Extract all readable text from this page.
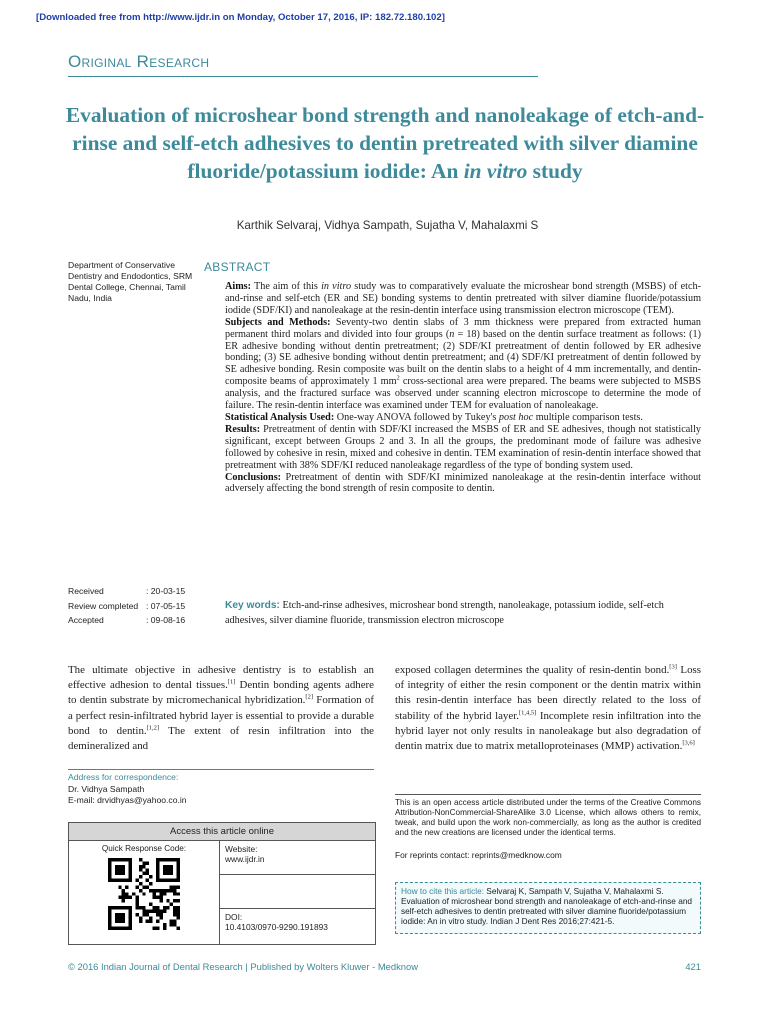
[Downloaded free from http://www.ijdr.in on Monday, October 17, 2016, IP: 182.72.180.102]
Original Research
Evaluation of microshear bond strength and nanoleakage of etch-and-rinse and self-etch adhesives to dentin pretreated with silver diamine fluoride/potassium iodide: An in vitro study
Karthik Selvaraj, Vidhya Sampath, Sujatha V, Mahalaxmi S
Department of Conservative Dentistry and Endodontics, SRM Dental College, Chennai, Tamil Nadu, India
Received	: 20-03-15
Review completed : 07-05-15
Accepted	: 09-08-16
ABSTRACT

Aims: The aim of this in vitro study was to comparatively evaluate the microshear bond strength (MSBS) of etch-and-rinse and self-etch (ER and SE) bonding systems to dentin pretreated with silver diamine fluoride/potassium iodide (SDF/KI) and nanoleakage at the resin-dentin interface using transmission electron microscope (TEM).

Subjects and Methods: Seventy-two dentin slabs of 3 mm thickness were prepared from extracted human permanent third molars and divided into four groups (n = 18) based on the dentin surface treatment as follows: (1) ER adhesive bonding without dentin pretreatment; (2) SDF/KI pretreatment of dentin followed by ER adhesive bonding; (3) SE adhesive bonding without dentin pretreatment; and (4) SDF/KI pretreatment of dentin followed by SE adhesive bonding. Resin composite was built on the dentin slabs to a height of 4 mm incrementally, and dentin-composite beams of approximately 1 $mm^2$ cross-sectional area were prepared. The beams were subjected to MSBS analysis, and the fractured surface was observed under scanning electron microscope to determine the mode of failure. The resin-dentin interface was examined under TEM for evaluation of nanoleakage.

Statistical Analysis Used: One-way ANOVA followed by Tukey's post hoc multiple comparison tests.

Results: Pretreatment of dentin with SDF/KI increased the MSBS of ER and SE adhesives, though not statistically significant, except between Groups 2 and 3. In all the groups, the predominant mode of failure was adhesive followed by cohesive in resin, mixed and cohesive in dentin. TEM examination of resin-dentin interface showed that pretreatment with 38% SDF/KI reduced nanoleakage regardless of the type of bonding system used.

Conclusions: Pretreatment of dentin with SDF/KI minimized nanoleakage at the resin-dentin interface without adversely affecting the bond strength of resin composite to dentin.

Key words: Etch-and-rinse adhesives, microshear bond strength, nanoleakage, potassium iodide, self-etch adhesives, silver diamine fluoride, transmission electron microscope

The ultimate objective in adhesive dentistry is to establish an effective adhesion to dental tissues.[1] Dentin bonding agents adhere to dentin substrate by micromechanical hybridization.[2] Formation of a perfect resin-infiltrated hybrid layer is essential to provide a durable bond to dentin.[1,2] The extent of resin infiltration into the demineralized and

exposed collagen determines the quality of resin-dentin bond.[3] Loss of integrity of either the resin component or the dentin matrix within this resin-dentin interface has been directly related to the loss of stability of the hybrid layer.[1,4,5] Incomplete resin infiltration into the hybrid layer not only results in nanoleakage but also degradation of dentin matrix due to matrix metalloproteinases (MMP) activation.[3,6]

Address for correspondence:
Dr. Vidhya Sampath
E-mail: drvidhyas@yahoo.co.in
Access this article online
Quick Response Code:	Website:
www.ijdr.in
DOI:
10.4103/0970-9290.191893
This is an open access article distributed under the terms of the Creative Commons Attribution-NonCommercial-ShareAlike 3.0 License, which allows others to remix, tweak, and build upon the work non-commercially, as long as the author is credited and the new creations are licensed under the identical terms.
For reprints contact: reprints@medknow.com
How to cite this article: Selvaraj K, Sampath V, Sujatha V, Mahalaxmi S. Evaluation of microshear bond strength and nanoleakage of etch-and-rinse and self-etch adhesives to dentin pretreated with silver diamine fluoride/potassium iodide: An in vitro study. Indian J Dent Res 2016;27:421-5.
© 2016 Indian Journal of Dental Research | Published by Wolters Kluwer - Medknow	421
